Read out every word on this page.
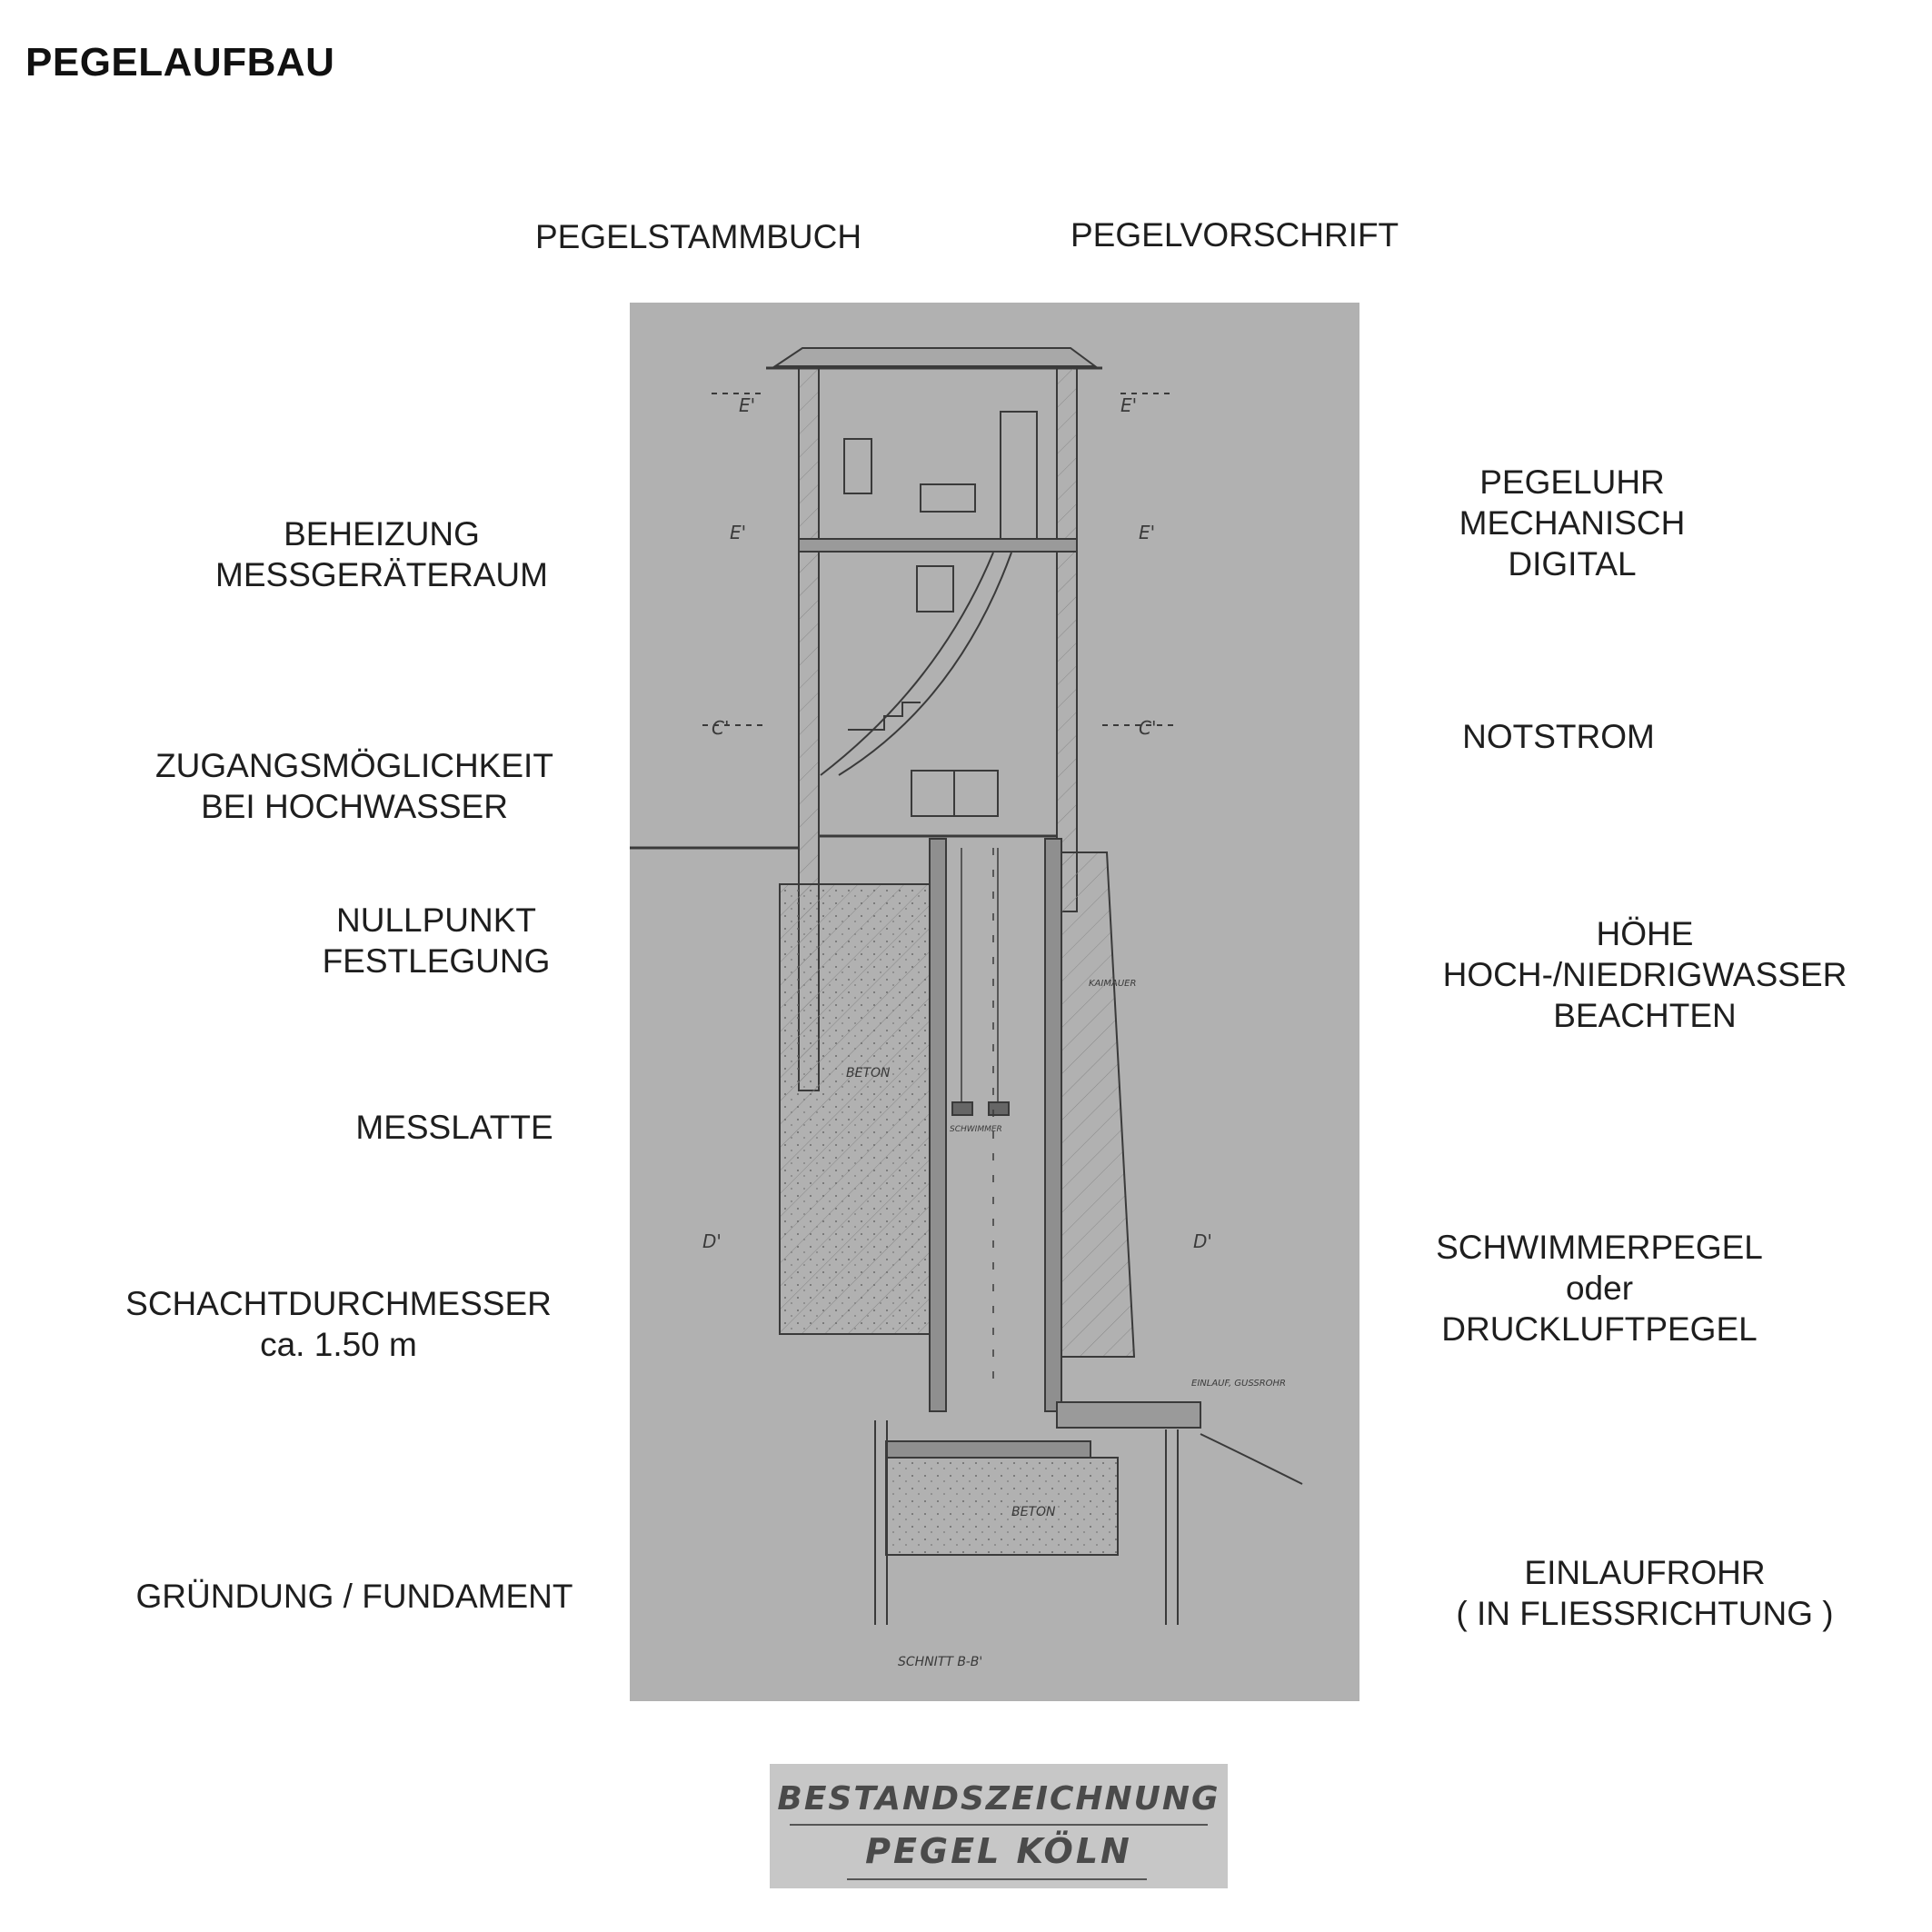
PEGELAUFBAU
PEGELSTAMMBUCH	PEGELVORSCHRIFT
BEHEIZUNG
MESSGERÄTERAUM
ZUGANGSMÖGLICHKEIT
BEI HOCHWASSER
NULLPUNKT
FESTLEGUNG
MESSLATTE
SCHACHTDURCHMESSER
ca. 1.50 m
GRÜNDUNG / FUNDAMENT
PEGELUHR
MECHANISCH
DIGITAL
NOTSTROM
HÖHE
HOCH-/NIEDRIGWASSER
BEACHTEN
SCHWIMMERPEGEL
oder
DRUCKLUFTPEGEL
EINLAUFROHR
( IN FLIESSRICHTUNG )
E'	E'
E'	E'
C'	C'
D'	D'
BETON
BETON
KAIMAUER
SCHWIMMER
EINLAUF, GUSSROHR
SCHNITT B-B'
BESTANDSZEICHNUNG
PEGEL KÖLN
